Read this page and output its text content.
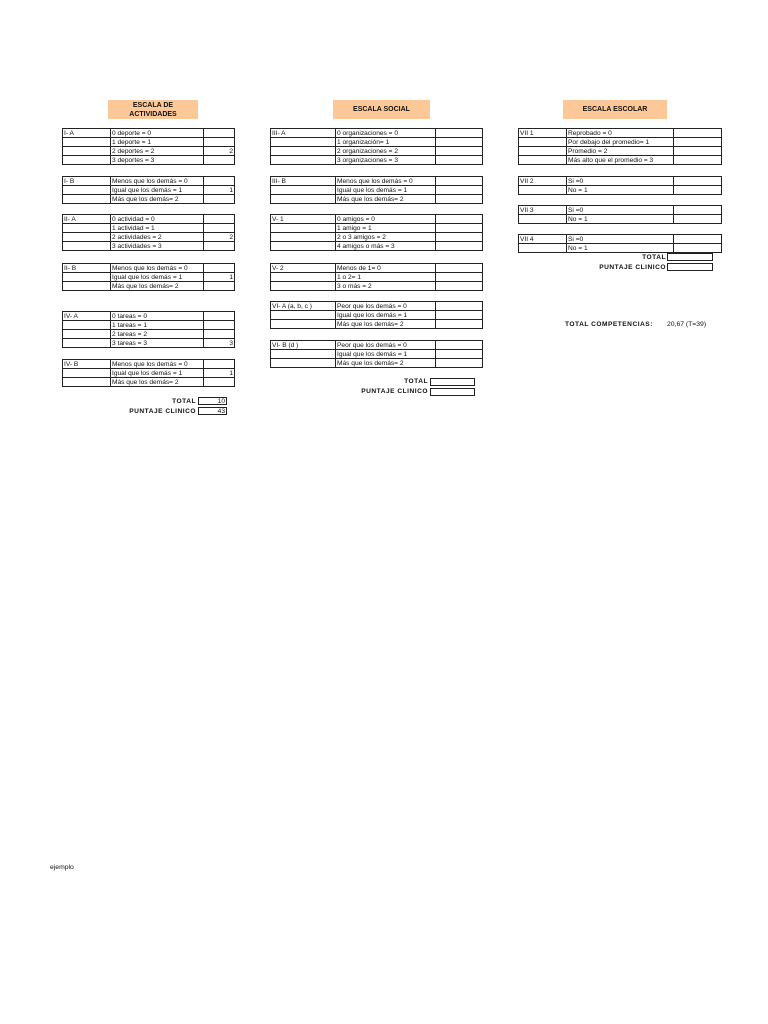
ESCALA DE ACTIVIDADES
ESCALA SOCIAL	ESCALA ESCOLAR
I- A	0 deporte = 0	
	1 deporte = 1	
	2 deportes = 2	2
	3 deportes = 3	
I- B	Menos que los demás = 0	
	Igual que los demás = 1	1
	Más que los demás= 2	
II- A	0 actividad = 0	
	1 actividad = 1	
	2 actividades = 2	2
	3 actividades = 3	
II- B	Menos que los demás = 0	
	Igual que los demás = 1	1
	Más que los demás= 2	
IV- A	0 tareas = 0	
	1 tareas = 1	
	2 tareas = 2	
	3 tareas = 3	3
IV- B	Menos que los demás = 0	
	Igual que los demás = 1	1
	Más que los demás= 2	
TOTAL	10
PUNTAJE CLINICO	43
III- A	0 organizaciones = 0	
	1 organización= 1	
	2 organizaciones = 2	
	3 organizaciones = 3	
III- B	Menos que los demás = 0	
	Igual que los demás = 1	
	Más que los demás= 2	
V- 1	0 amigos = 0	
	1 amigo = 1	
	2 o 3 amigos = 2	
	4 amigos o más = 3	
V- 2	Menos de 1= 0	
	1 o 2= 1	
	3 o más = 2	
VI- A (a, b, c )	Peor que los demás = 0	
	Igual que los demás = 1	
	Más que los demás= 2	
VI- B (d )	Peor que los demás = 0	
	Igual que los demás = 1	
	Más que los demás= 2	
TOTAL
PUNTAJE CLINICO
VII 1	Reprobado = 0	
	Por debajo del promedio= 1	
	Promedio = 2	
	Más alto que el promedio = 3	
VII 2	Si =0	
	No = 1	
VII 3	Si =0	
	No = 1	
VII 4	Si =0	
	No = 1	
TOTAL
PUNTAJE CLINICO
TOTAL COMPETENCIAS: 20,67 (T=39)
ejemplo
